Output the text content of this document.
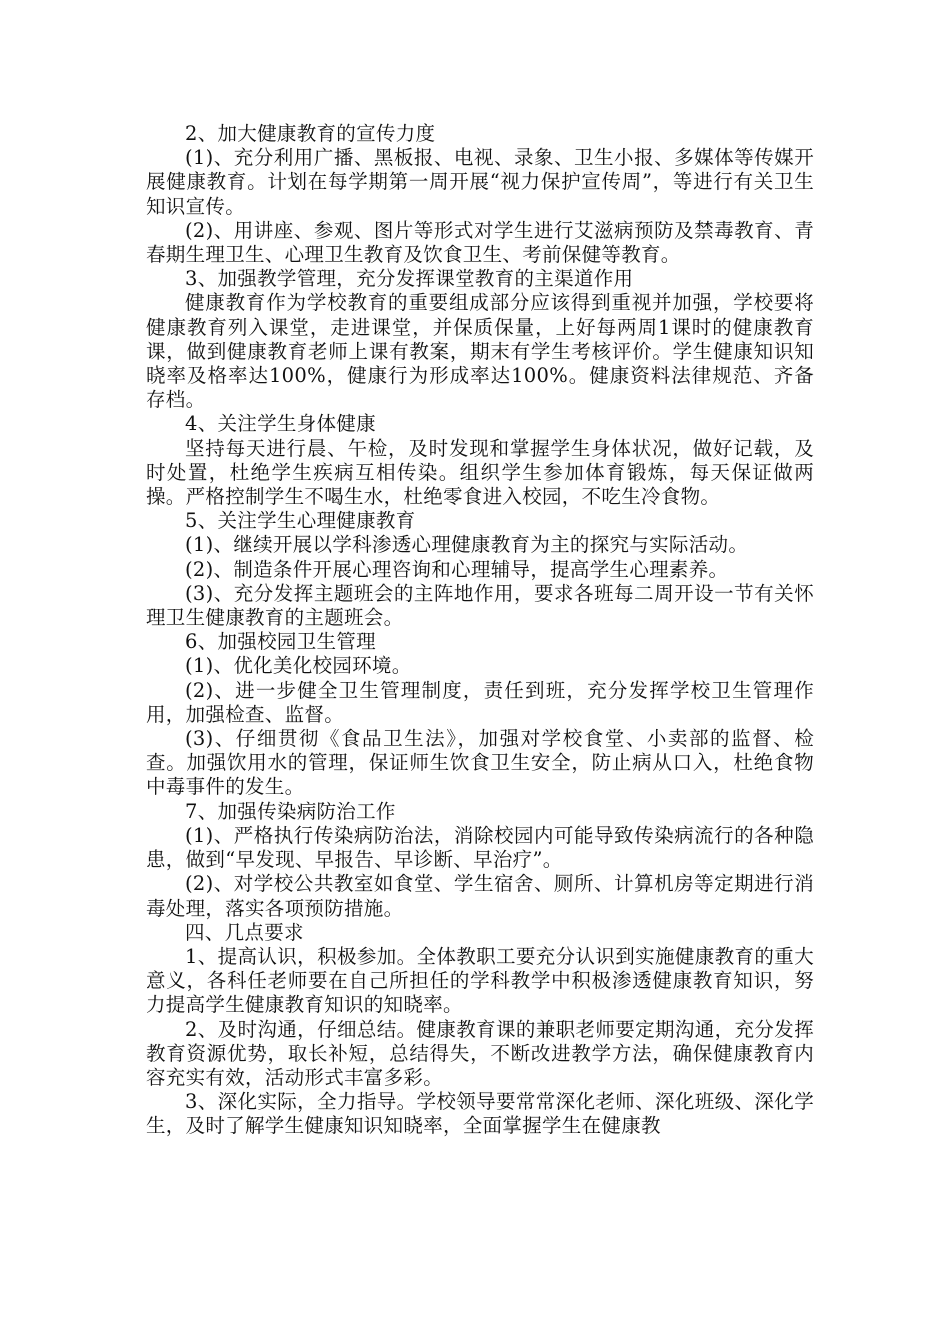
2、加大健康教育的宣传力度

(1)、充分利用广播、黑板报、电视、录象、卫生小报、多媒体等传媒开展健康教育。计划在每学期第一周开展“视力保护宣传周”，等进行有关卫生知识宣传。

(2)、用讲座、参观、图片等形式对学生进行艾滋病预防及禁毒教育、青春期生理卫生、心理卫生教育及饮食卫生、考前保健等教育。

3、加强教学管理，充分发挥课堂教育的主渠道作用

健康教育作为学校教育的重要组成部分应该得到重视并加强，学校要将健康教育列入课堂，走进课堂，并保质保量，上好每两周1课时的健康教育课，做到健康教育老师上课有教案，期末有学生考核评价。学生健康知识知晓率及格率达100%，健康行为形成率达100%。健康资料法律规范、齐备存档。

4、关注学生身体健康

坚持每天进行晨、午检，及时发现和掌握学生身体状况，做好记载，及时处置，杜绝学生疾病互相传染。组织学生参加体育锻炼，每天保证做两操。严格控制学生不喝生水，杜绝零食进入校园，不吃生冷食物。

5、关注学生心理健康教育

(1)、继续开展以学科渗透心理健康教育为主的探究与实际活动。

(2)、制造条件开展心理咨询和心理辅导，提高学生心理素养。

(3)、充分发挥主题班会的主阵地作用，要求各班每二周开设一节有关怀理卫生健康教育的主题班会。

6、加强校园卫生管理

(1)、优化美化校园环境。

(2)、进一步健全卫生管理制度，责任到班，充分发挥学校卫生管理作用，加强检查、监督。

(3)、仔细贯彻《食品卫生法》，加强对学校食堂、小卖部的监督、检查。加强饮用水的管理，保证师生饮食卫生安全，防止病从口入，杜绝食物中毒事件的发生。

7、加强传染病防治工作

(1)、严格执行传染病防治法，消除校园内可能导致传染病流行的各种隐患，做到“早发现、早报告、早诊断、早治疗”。

(2)、对学校公共教室如食堂、学生宿舍、厕所、计算机房等定期进行消毒处理，落实各项预防措施。

四、几点要求

1、提高认识，积极参加。全体教职工要充分认识到实施健康教育的重大意义，各科任老师要在自己所担任的学科教学中积极渗透健康教育知识，努力提高学生健康教育知识的知晓率。

2、及时沟通，仔细总结。健康教育课的兼职老师要定期沟通，充分发挥教育资源优势，取长补短，总结得失，不断改进教学方法，确保健康教育内容充实有效，活动形式丰富多彩。

3、深化实际，全力指导。学校领导要常常深化老师、深化班级、深化学生，及时了解学生健康知识知晓率，全面掌握学生在健康教
